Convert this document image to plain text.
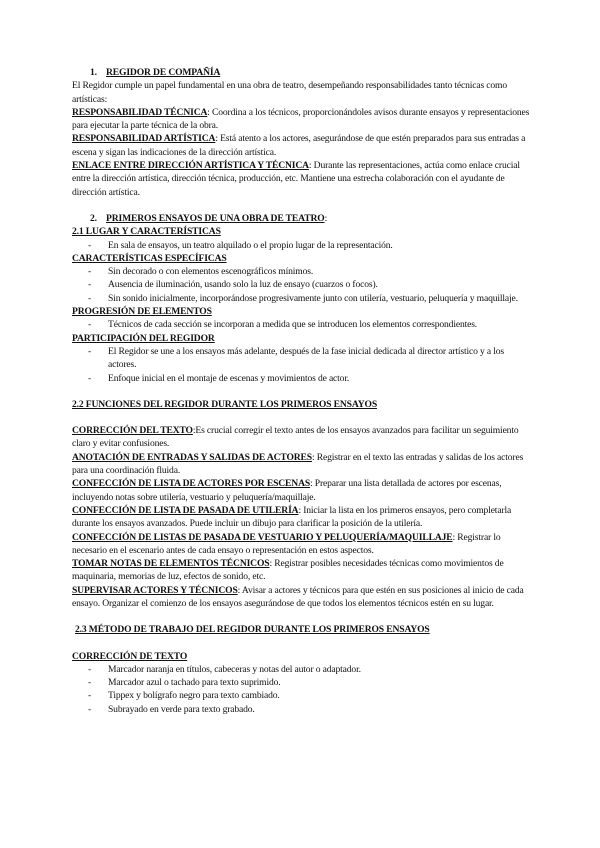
1. REGIDOR DE COMPAÑÍA

El Regidor cumple un papel fundamental en una obra de teatro, desempeñando responsabilidades tanto técnicas como artísticas:

RESPONSABILIDAD TÉCNICA: Coordina a los técnicos, proporcionándoles avisos durante ensayos y representaciones para ejecutar la parte técnica de la obra.

RESPONSABILIDAD ARTÍSTICA: Está atento a los actores, asegurándose de que estén preparados para sus entradas a escena y sigan las indicaciones de la dirección artística.

ENLACE ENTRE DIRECCIÓN ARTÍSTICA Y TÉCNICA: Durante las representaciones, actúa como enlace crucial entre la dirección artística, dirección técnica, producción, etc. Mantiene una estrecha colaboración con el ayudante de dirección artística.

2. PRIMEROS ENSAYOS DE UNA OBRA DE TEATRO:

2.1 LUGAR Y CARACTERÍSTICAS

- En sala de ensayos, un teatro alquilado o el propio lugar de la representación.

CARACTERÍSTICAS ESPECÍFICAS

- Sin decorado o con elementos escenográficos mínimos.

- Ausencia de iluminación, usando solo la luz de ensayo (cuarzos o focos).

- Sin sonido inicialmente, incorporándose progresivamente junto con utilería, vestuario, peluquería y maquillaje.

PROGRESIÓN DE ELEMENTOS

- Técnicos de cada sección se incorporan a medida que se introducen los elementos correspondientes.

PARTICIPACIÓN DEL REGIDOR

- El Regidor se une a los ensayos más adelante, después de la fase inicial dedicada al director artístico y a los actores.

- Enfoque inicial en el montaje de escenas y movimientos de actor.

2.2 FUNCIONES DEL REGIDOR DURANTE LOS PRIMEROS ENSAYOS

CORRECCIÓN DEL TEXTO:Es crucial corregir el texto antes de los ensayos avanzados para facilitar un seguimiento claro y evitar confusiones.

ANOTACIÓN DE ENTRADAS Y SALIDAS DE ACTORES: Registrar en el texto las entradas y salidas de los actores para una coordinación fluida.

CONFECCIÓN DE LISTA DE ACTORES POR ESCENAS: Preparar una lista detallada de actores por escenas, incluyendo notas sobre utilería, vestuario y peluquería/maquillaje.

CONFECCIÓN DE LISTA DE PASADA DE UTILERÍA: Iniciar la lista en los primeros ensayos, pero completarla durante los ensayos avanzados. Puede incluir un dibujo para clarificar la posición de la utilería.

CONFECCIÓN DE LISTAS DE PASADA DE VESTUARIO Y PELUQUERÍA/MAQUILLAJE: Registrar lo necesario en el escenario antes de cada ensayo o representación en estos aspectos.

TOMAR NOTAS DE ELEMENTOS TÉCNICOS: Registrar posibles necesidades técnicas como movimientos de maquinaria, memorias de luz, efectos de sonido, etc.

SUPERVISAR ACTORES Y TÉCNICOS: Avisar a actores y técnicos para que estén en sus posiciones al inicio de cada ensayo. Organizar el comienzo de los ensayos asegurándose de que todos los elementos técnicos estén en su lugar.

2.3 MÉTODO DE TRABAJO DEL REGIDOR DURANTE LOS PRIMEROS ENSAYOS

CORRECCIÓN DE TEXTO

- Marcador naranja en títulos, cabeceras y notas del autor o adaptador.

- Marcador azul o tachado para texto suprimido.

- Tippex y bolígrafo negro para texto cambiado.

- Subrayado en verde para texto grabado.
